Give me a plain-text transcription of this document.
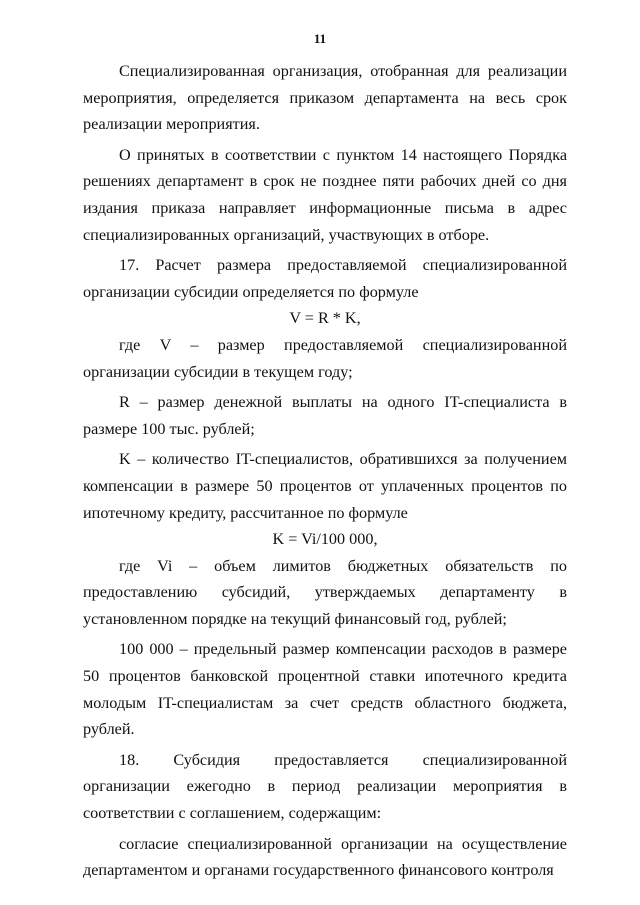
11

Специализированная организация, отобранная для реализации мероприятия, определяется приказом департамента на весь срок реализации мероприятия.

О принятых в соответствии с пунктом 14 настоящего Порядка решениях департамент в срок не позднее пяти рабочих дней со дня издания приказа направляет информационные письма в адрес специализированных организаций, участвующих в отборе.

17. Расчет размера предоставляемой специализированной организации субсидии определяется по формуле

V = R * K,

где V – размер предоставляемой специализированной организации субсидии в текущем году;

R – размер денежной выплаты на одного IT-специалиста в размере 100 тыс. рублей;

K – количество IT-специалистов, обратившихся за получением компенсации в размере 50 процентов от уплаченных процентов по ипотечному кредиту, рассчитанное по формуле

K = Vi/100 000,

где Vi – объем лимитов бюджетных обязательств по предоставлению субсидий, утверждаемых департаменту в установленном порядке на текущий финансовый год, рублей;

100 000 – предельный размер компенсации расходов в размере 50 процентов банковской процентной ставки ипотечного кредита молодым IT-специалистам за счет средств областного бюджета, рублей.

18. Субсидия предоставляется специализированной организации ежегодно в период реализации мероприятия в соответствии с соглашением, содержащим:

согласие специализированной организации на осуществление департаментом и органами государственного финансового контроля
